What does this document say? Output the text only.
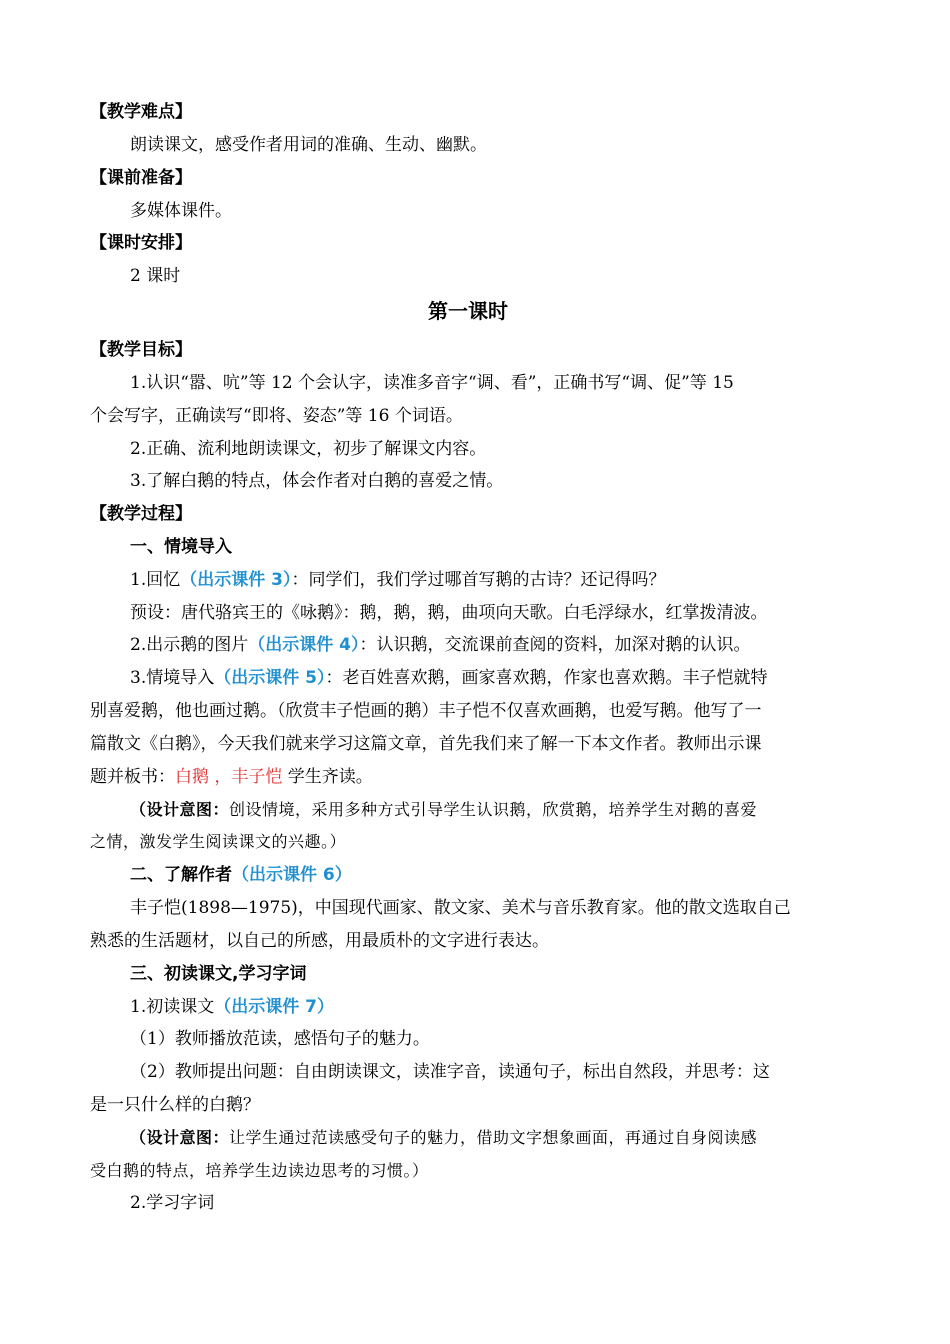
【教学难点】
朗读课文，感受作者用词的准确、生动、幽默。
【课前准备】
多媒体课件。
【课时安排】
2 课时
第一课时
【教学目标】
1.认识“嚣、吭”等 12 个会认字，读准多音字“调、看”，正确书写“调、促”等 15
个会写字，正确读写“即将、姿态”等 16 个词语。
2.正确、流利地朗读课文，初步了解课文内容。
3.了解白鹅的特点，体会作者对白鹅的喜爱之情。
【教学过程】
一、情境导入
1.回忆（出示课件 3）：同学们，我们学过哪首写鹅的古诗？还记得吗？
预设：唐代骆宾王的《咏鹅》：鹅，鹅，鹅，曲项向天歌。白毛浮绿水，红掌拨清波。
2.出示鹅的图片（出示课件 4）：认识鹅，交流课前查阅的资料，加深对鹅的认识。
3.情境导入（出示课件 5）：老百姓喜欢鹅，画家喜欢鹅，作家也喜欢鹅。丰子恺就特
别喜爱鹅，他也画过鹅。（欣赏丰子恺画的鹅）丰子恺不仅喜欢画鹅，也爱写鹅。他写了一
篇散文《白鹅》，今天我们就来学习这篇文章，首先我们来了解一下本文作者。教师出示课
题并板书：白鹅 ，丰子恺 学生齐读。
（设计意图：创设情境，采用多种方式引导学生认识鹅，欣赏鹅，培养学生对鹅的喜爱
之情，激发学生阅读课文的兴趣。）
二、了解作者（出示课件 6）
丰子恺(1898—1975)，中国现代画家、散文家、美术与音乐教育家。他的散文选取自己
熟悉的生活题材，以自己的所感，用最质朴的文字进行表达。
三、初读课文,学习字词
1.初读课文（出示课件 7）
（1）教师播放范读，感悟句子的魅力。
（2）教师提出问题：自由朗读课文，读准字音，读通句子，标出自然段，并思考：这
是一只什么样的白鹅？
（设计意图：让学生通过范读感受句子的魅力，借助文字想象画面，再通过自身阅读感
受白鹅的特点，培养学生边读边思考的习惯。）
2.学习字词
